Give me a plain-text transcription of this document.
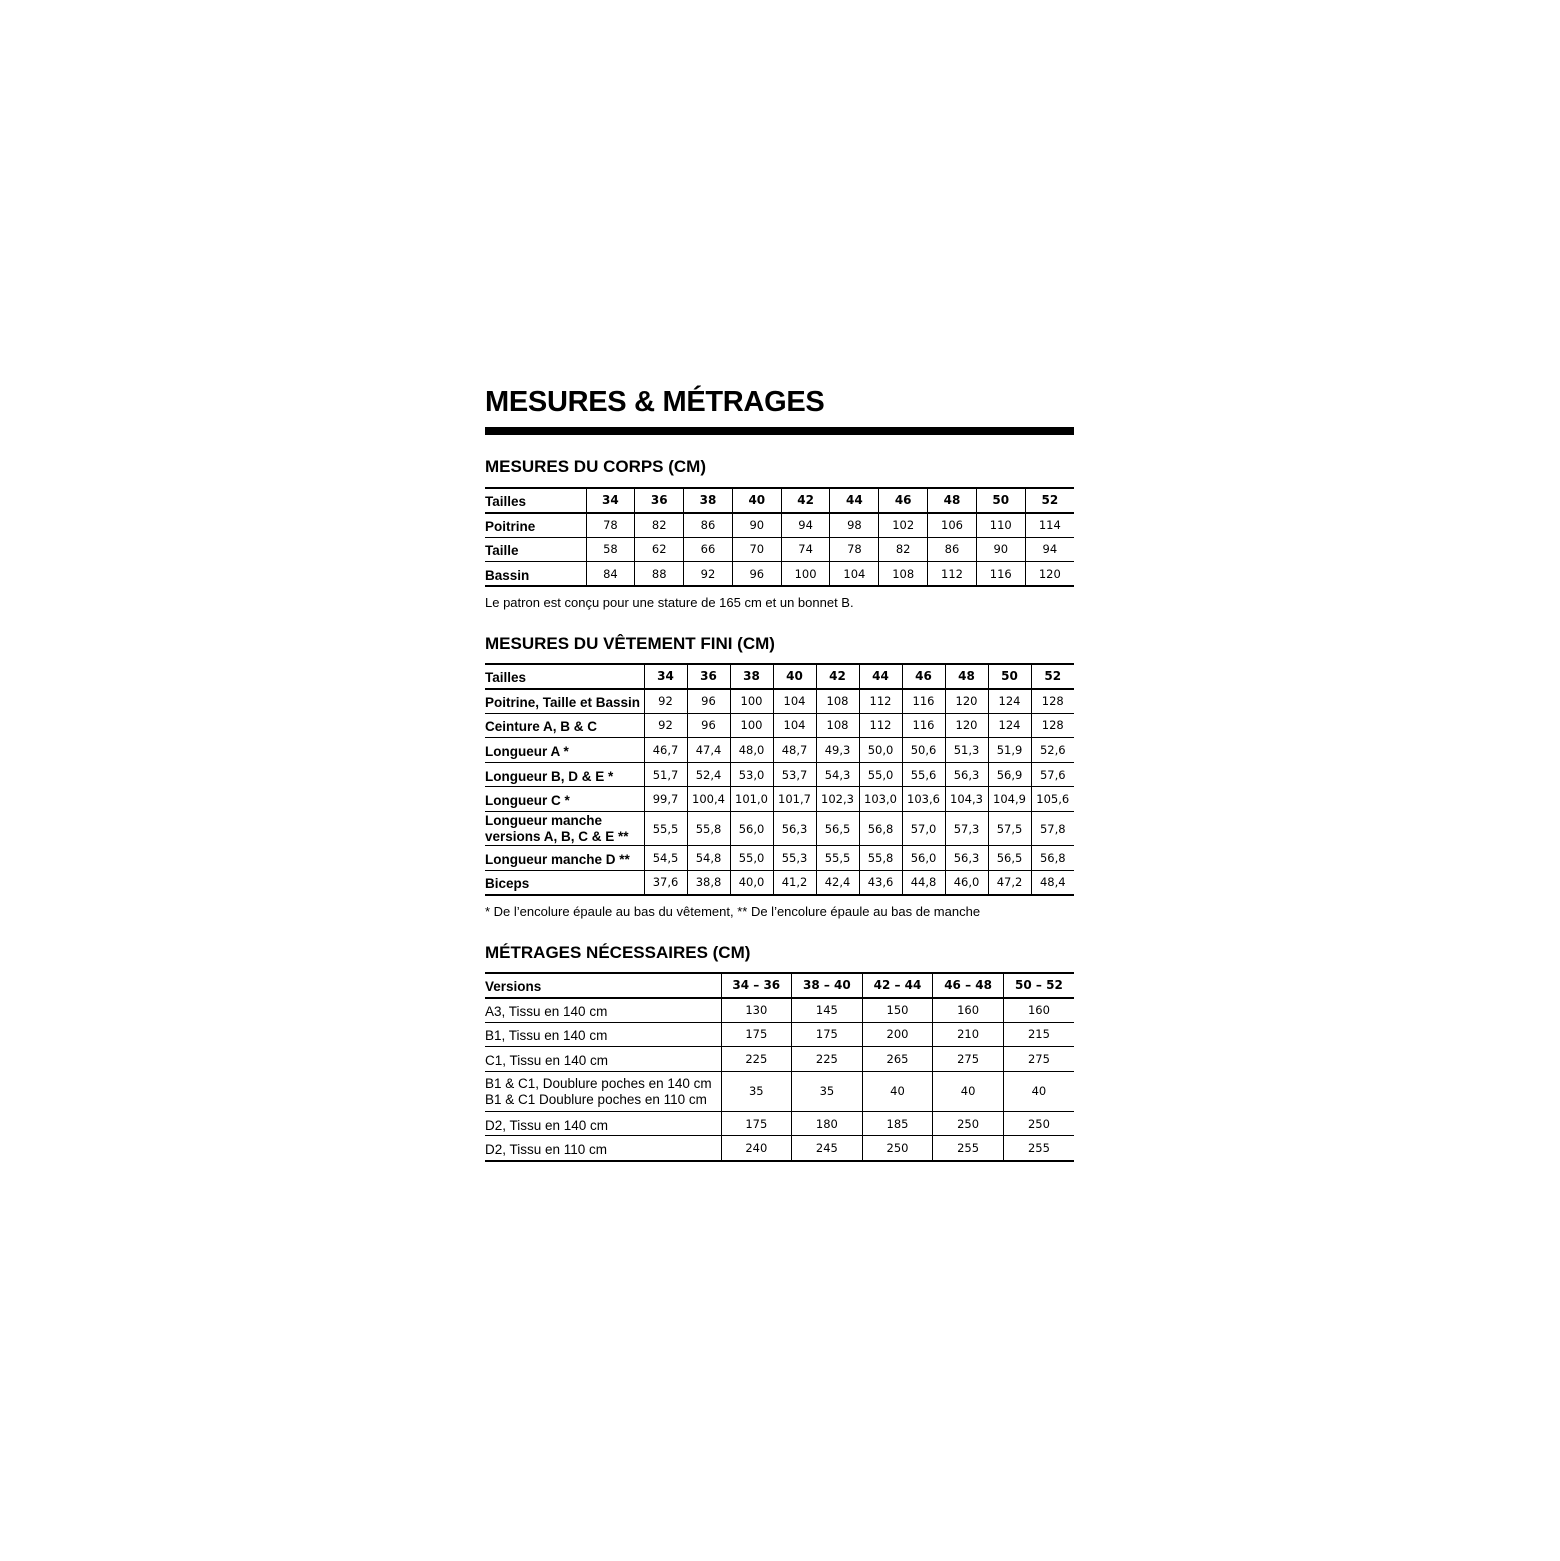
MESURES & MÉTRAGES
MESURES DU CORPS (CM)
Tailles	34	36	38	40	42	44	46	48	50	52
Poitrine	78	82	86	90	94	98	102	106	110	114
Taille	58	62	66	70	74	78	82	86	90	94
Bassin	84	88	92	96	100	104	108	112	116	120

Le patron est conçu pour une stature de 165 cm et un bonnet B.

MESURES DU VÊTEMENT FINI (CM)
Tailles	34	36	38	40	42	44	46	48	50	52
Poitrine, Taille et Bassin	92	96	100	104	108	112	116	120	124	128
Ceinture A, B & C	92	96	100	104	108	112	116	120	124	128
Longueur A *	46,7	47,4	48,0	48,7	49,3	50,0	50,6	51,3	51,9	52,6
Longueur B, D & E *	51,7	52,4	53,0	53,7	54,3	55,0	55,6	56,3	56,9	57,6
Longueur C *	99,7	100,4	101,0	101,7	102,3	103,0	103,6	104,3	104,9	105,6

Longueur manche
versions A, B, C & E **	55,5	55,8	56,0	56,3	56,5	56,8	57,0	57,3	57,5	57,8
Longueur manche D **	54,5	54,8	55,0	55,3	55,5	55,8	56,0	56,3	56,5	56,8
Biceps	37,6	38,8	40,0	41,2	42,4	43,6	44,8	46,0	47,2	48,4

* De l’encolure épaule au bas du vêtement, ** De l’encolure épaule au bas de manche

MÉTRAGES NÉCESSAIRES (CM)
Versions	34 – 36	38 – 40	42 – 44	46 – 48	50 – 52
A3, Tissu en 140 cm	130	145	150	160	160
B1, Tissu en 140 cm	175	175	200	210	215
C1, Tissu en 140 cm	225	225	265	275	275

B1 & C1, Doublure poches en 140 cm
B1 & C1 Doublure poches en 110 cm	35	35	40	40	40
D2, Tissu en 140 cm	175	180	185	250	250
D2, Tissu en 110 cm	240	245	250	255	255
